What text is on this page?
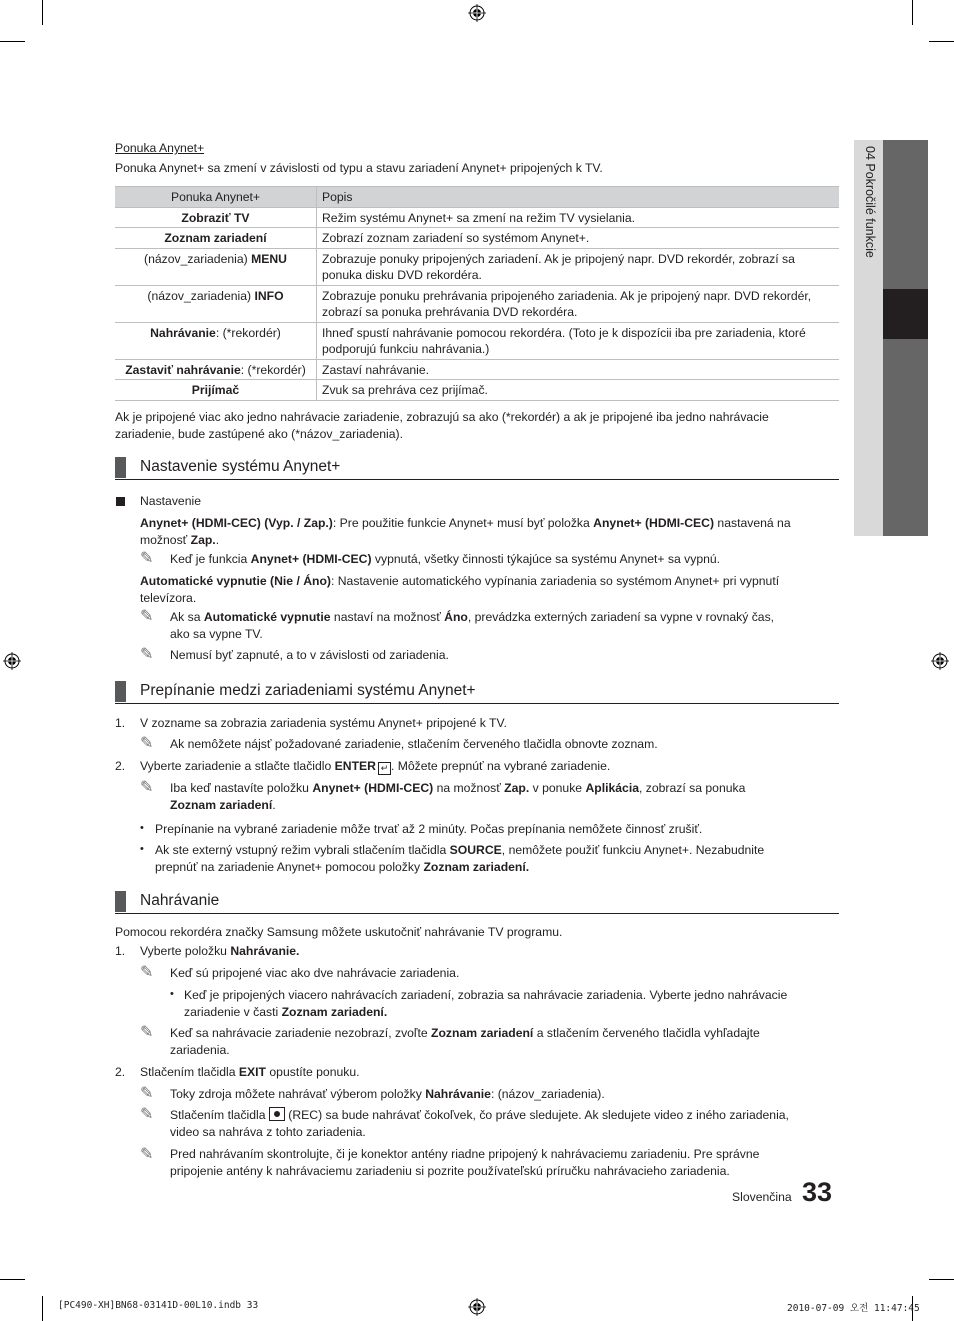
04 Pokročilé funkcie
Ponuka Anynet+
Ponuka Anynet+ sa zmení v závislosti od typu a stavu zariadení Anynet+ pripojených k TV.
Ponuka Anynet+	Popis
Zobraziť TV	Režim systému Anynet+ sa zmení na režim TV vysielania.
Zoznam zariadení	Zobrazí zoznam zariadení so systémom Anynet+.
(názov_zariadenia) MENU	Zobrazuje ponuky pripojených zariadení. Ak je pripojený napr. DVD rekordér, zobrazí sa ponuka disku DVD rekordéra.
(názov_zariadenia) INFO	Zobrazuje ponuku prehrávania pripojeného zariadenia. Ak je pripojený napr. DVD rekordér, zobrazí sa ponuka prehrávania DVD rekordéra.
Nahrávanie: (*rekordér)	Ihneď spustí nahrávanie pomocou rekordéra. (Toto je k dispozícii iba pre zariadenia, ktoré podporujú funkciu nahrávania.)
Zastaviť nahrávanie: (*rekordér)	Zastaví nahrávanie.
Prijímač	Zvuk sa prehráva cez prijímač.
Ak je pripojené viac ako jedno nahrávacie zariadenie, zobrazujú sa ako (*rekordér) a ak je pripojené iba jedno nahrávacie
zariadenie, bude zastúpené ako (*názov_zariadenia).
Nastavenie systému Anynet+
Nastavenie
Anynet+ (HDMI-CEC) (Vyp. / Zap.): Pre použitie funkcie Anynet+ musí byť položka Anynet+ (HDMI-CEC) nastavená na
možnosť Zap..
✎ Keď je funkcia Anynet+ (HDMI-CEC) vypnutá, všetky činnosti týkajúce sa systému Anynet+ sa vypnú.
Automatické vypnutie (Nie / Áno): Nastavenie automatického vypínania zariadenia so systémom Anynet+ pri vypnutí
televízora.
✎ Ak sa Automatické vypnutie nastaví na možnosť Áno, prevádzka externých zariadení sa vypne v rovnaký čas,
ako sa vypne TV.
✎ Nemusí byť zapnuté, a to v závislosti od zariadenia.
Prepínanie medzi zariadeniami systému Anynet+
1. V zozname sa zobrazia zariadenia systému Anynet+ pripojené k TV.
✎ Ak nemôžete nájsť požadované zariadenie, stlačením červeného tlačidla obnovte zoznam.
2. Vyberte zariadenie a stlačte tlačidlo ENTER ↵ . Môžete prepnúť na vybrané zariadenie.
✎ Iba keď nastavíte položku Anynet+ (HDMI-CEC) na možnosť Zap. v ponuke Aplikácia, zobrazí sa ponuka
Zoznam zariadení.
• Prepínanie na vybrané zariadenie môže trvať až 2 minúty. Počas prepínania nemôžete činnosť zrušiť.
• Ak ste externý vstupný režim vybrali stlačením tlačidla SOURCE, nemôžete použiť funkciu Anynet+. Nezabudnite
prepnúť na zariadenie Anynet+ pomocou položky Zoznam zariadení.
Nahrávanie
Pomocou rekordéra značky Samsung môžete uskutočniť nahrávanie TV programu.
1. Vyberte položku Nahrávanie.
✎ Keď sú pripojené viac ako dve nahrávacie zariadenia.
• Keď je pripojených viacero nahrávacích zariadení, zobrazia sa nahrávacie zariadenia. Vyberte jedno nahrávacie
zariadenie v časti Zoznam zariadení.
✎ Keď sa nahrávacie zariadenie nezobrazí, zvoľte Zoznam zariadení a stlačením červeného tlačidla vyhľadajte
zariadenia.
2. Stlačením tlačidla EXIT opustíte ponuku.
✎ Toky zdroja môžete nahrávať výberom položky Nahrávanie: (názov_zariadenia).
✎ Stlačením tlačidla
(REC) sa bude nahrávať čokoľvek, čo práve sledujete. Ak sledujete video z iného zariadenia,
video sa nahráva z tohto zariadenia.
✎ Pred nahrávaním skontrolujte, či je konektor antény riadne pripojený k nahrávaciemu zariadeniu. Pre správne
pripojenie antény k nahrávaciemu zariadeniu si pozrite používateľskú príručku nahrávacieho zariadenia.
Slovenčina 33
[PC490-XH]BN68-03141D-00L10.indb 33	2010-07-09 오전 11:47:45
